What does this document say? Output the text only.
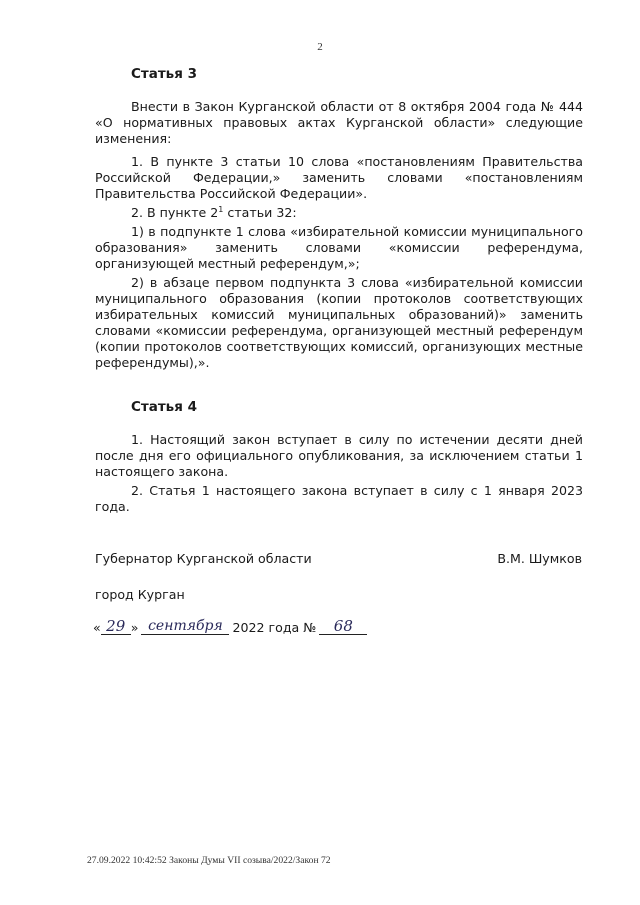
2
Статья 3

Внести в Закон Курганской области от 8 октября 2004 года № 444 «О нормативных правовых актах Курганской области» следующие изменения:

1. В пункте 3 статьи 10 слова «постановлениям Правительства Российской Федерации,» заменить словами «постановлениям Правительства Российской Федерации».

2. В пункте $2^1$ статьи 32:

1) в подпункте 1 слова «избирательной комиссии муниципального образования» заменить словами «комиссии референдума, организующей местный референдум,»;

2) в абзаце первом подпункта 3 слова «избирательной комиссии муниципального образования (копии протоколов соответствующих избирательных комиссий муниципальных образований)» заменить словами «комиссии референдума, организующей местный референдум (копии протоколов соответствующих комиссий, организующих местные референдумы),».

Статья 4

1. Настоящий закон вступает в силу по истечении десяти дней после дня его официального опубликования, за исключением статьи 1 настоящего закона.

2. Статья 1 настоящего закона вступает в силу с 1 января 2023 года.

Губернатор Курганской области	В.М. Шумков
город Курган
« 29 » сентября 2022 года №	68
27.09.2022 10:42:52 Законы Думы VII созыва/2022/Закон 72
